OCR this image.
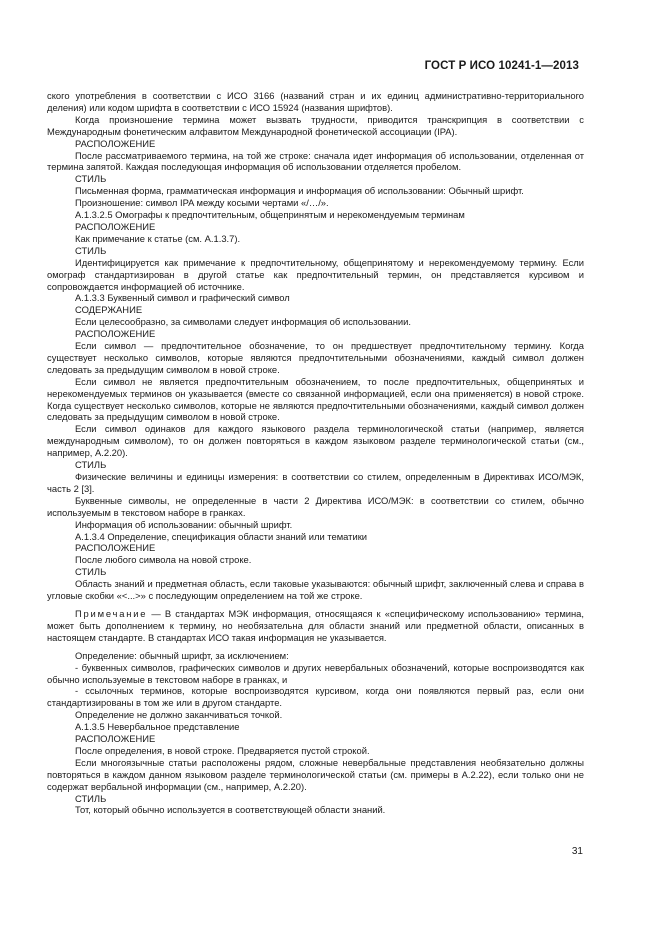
ГОСТ Р ИСО 10241-1—2013

ского употребления в соответствии с ИСО 3166 (названий стран и их единиц административно-территориального деления) или кодом шрифта в соответствии с ИСО 15924 (названия шрифтов).

Когда произношение термина может вызвать трудности, приводится транскрипция в соответствии с Международным фонетическим алфавитом Международной фонетической ассоциации (IPA).

РАСПОЛОЖЕНИЕ

После рассматриваемого термина, на той же строке: сначала идет информация об использовании, отделенная от термина запятой. Каждая последующая информация об использовании отделяется пробелом.

СТИЛЬ

Письменная форма, грамматическая информация и информация об использовании: Обычный шрифт.

Произношение: символ IPA между косыми чертами «/…/».

А.1.3.2.5 Омографы к предпочтительным, общепринятым и нерекомендуемым терминам

РАСПОЛОЖЕНИЕ

Как примечание к статье (см. А.1.3.7).

СТИЛЬ

Идентифицируется как примечание к предпочтительному, общепринятому и нерекомендуемому термину. Если омограф стандартизирован в другой статье как предпочтительный термин, он представляется курсивом и сопровождается информацией об источнике.

А.1.3.3 Буквенный символ и графический символ

СОДЕРЖАНИЕ

Если целесообразно, за символами следует информация об использовании.

РАСПОЛОЖЕНИЕ

Если символ — предпочтительное обозначение, то он предшествует предпочтительному термину. Когда существует несколько символов, которые являются предпочтительными обозначениями, каждый символ должен следовать за предыдущим символом в новой строке.

Если символ не является предпочтительным обозначением, то после предпочтительных, общепринятых и нерекомендуемых терминов он указывается (вместе со связанной информацией, если она применяется) в новой строке. Когда существует несколько символов, которые не являются предпочтительными обозначениями, каждый символ должен следовать за предыдущим символом в новой строке.

Если символ одинаков для каждого языкового раздела терминологической статьи (например, является международным символом), то он должен повторяться в каждом языковом разделе терминологической статьи (см., например, А.2.20).

СТИЛЬ

Физические величины и единицы измерения: в соответствии со стилем, определенным в Директивах ИСО/МЭК, часть 2 [3].

Буквенные символы, не определенные в части 2 Директива ИСО/МЭК: в соответствии со стилем, обычно используемым в текстовом наборе в гранках.

Информация об использовании: обычный шрифт.

А.1.3.4 Определение, спецификация области знаний или тематики

РАСПОЛОЖЕНИЕ

После любого символа на новой строке.

СТИЛЬ

Область знаний и предметная область, если таковые указываются: обычный шрифт, заключенный слева и справа в угловые скобки «<...>» с последующим определением на той же строке.

Примечание — В стандартах МЭК информация, относящаяся к «специфическому использованию» термина, может быть дополнением к термину, но необязательна для области знаний или предметной области, описанных в настоящем стандарте. В стандартах ИСО такая информация не указывается.

Определение: обычный шрифт, за исключением:

- буквенных символов, графических символов и других невербальных обозначений, которые воспроизводятся как обычно используемые в текстовом наборе в гранках, и

- ссылочных терминов, которые воспроизводятся курсивом, когда они появляются первый раз, если они стандартизированы в том же или в другом стандарте.

Определение не должно заканчиваться точкой.

А.1.3.5 Невербальное представление

РАСПОЛОЖЕНИЕ

После определения, в новой строке. Предваряется пустой строкой.

Если многоязычные статьи расположены рядом, сложные невербальные представления необязательно должны повторяться в каждом данном языковом разделе терминологической статьи (см. примеры в А.2.22), если только они не содержат вербальной информации (см., например, А.2.20).

СТИЛЬ

Тот, который обычно используется в соответствующей области знаний.

31
